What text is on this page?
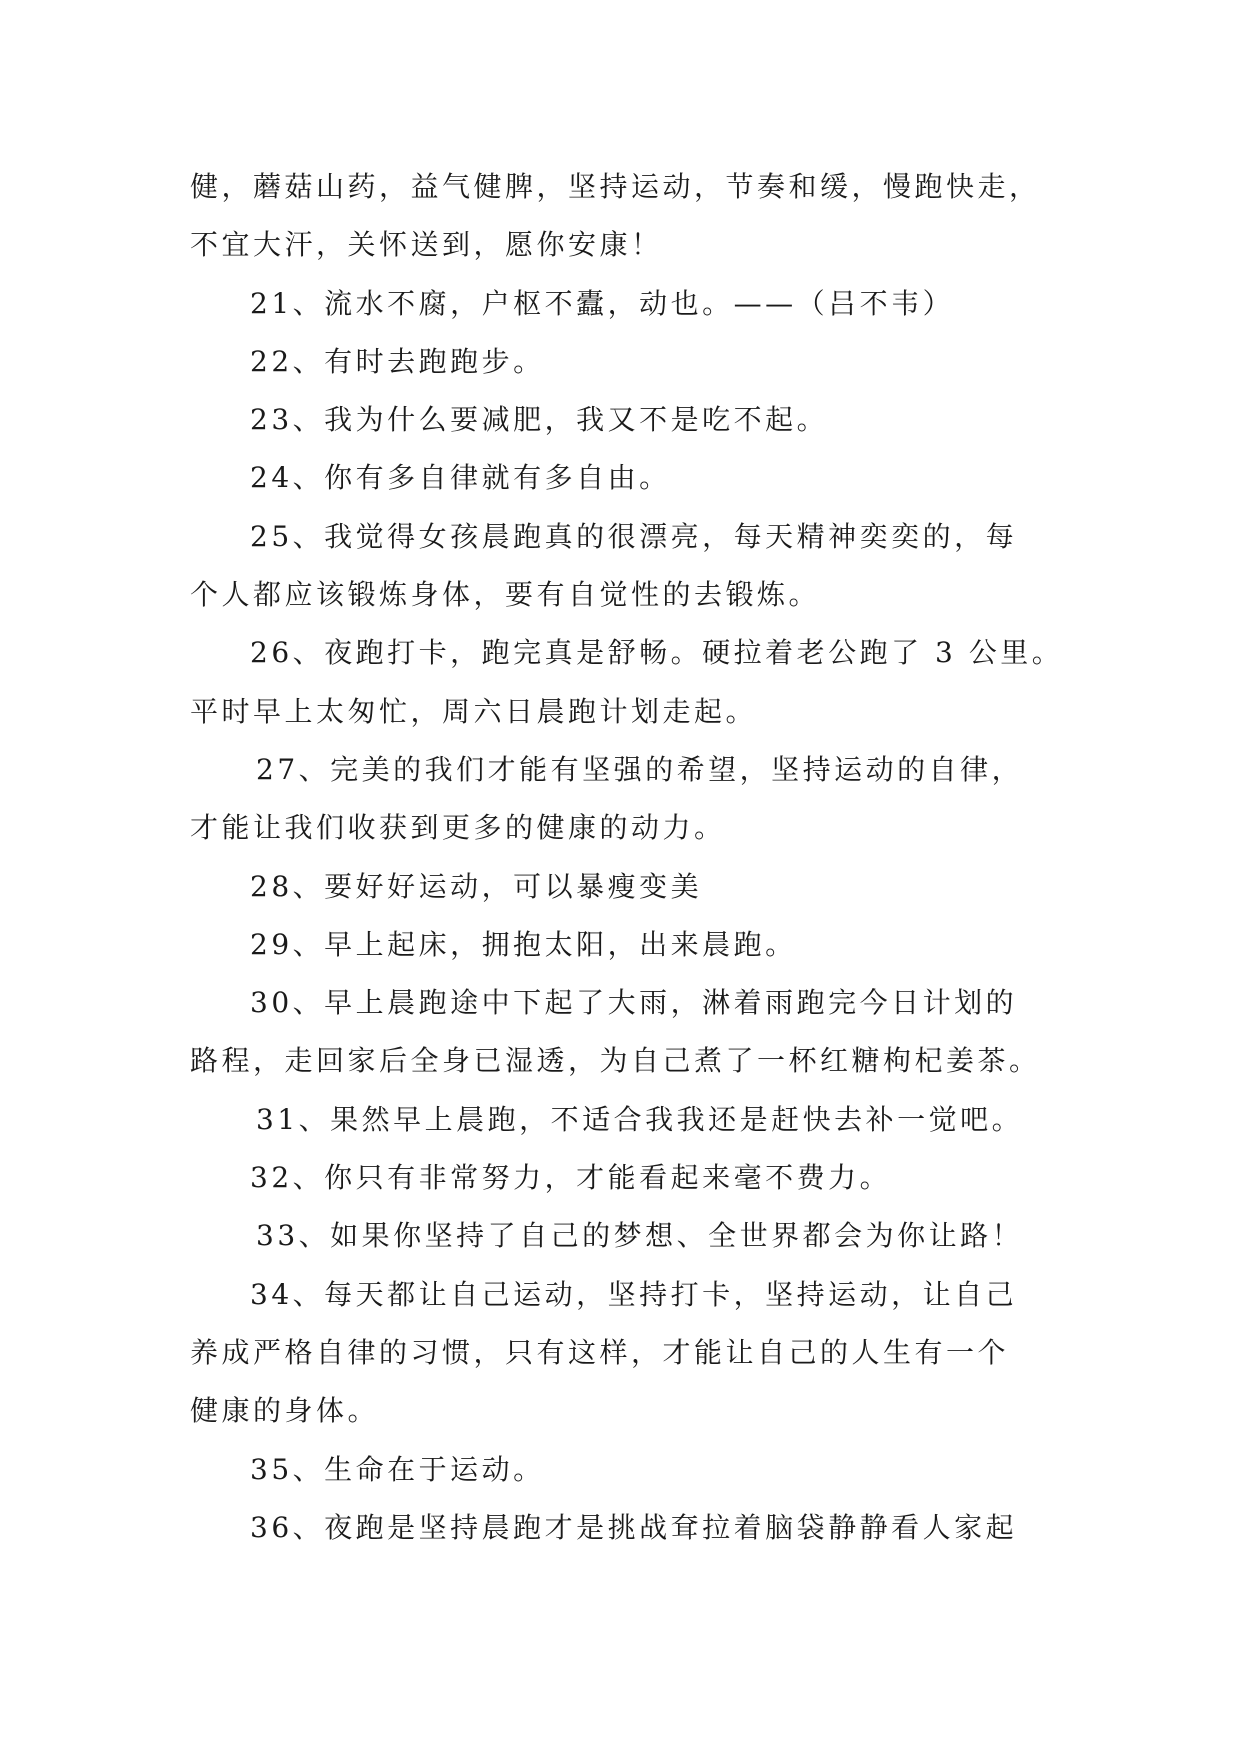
健，蘑菇山药，益气健脾，坚持运动，节奏和缓，慢跑快走，
不宜大汗，关怀送到，愿你安康！
21、流水不腐，户枢不蠹，动也。——（吕不韦）
22、有时去跑跑步。
23、我为什么要减肥，我又不是吃不起。
24、你有多自律就有多自由。
25、我觉得女孩晨跑真的很漂亮，每天精神奕奕的，每
个人都应该锻炼身体，要有自觉性的去锻炼。
26、夜跑打卡，跑完真是舒畅。硬拉着老公跑了 3 公里。
平时早上太匆忙，周六日晨跑计划走起。
27、完美的我们才能有坚强的希望，坚持运动的自律，
才能让我们收获到更多的健康的动力。
28、要好好运动，可以暴瘦变美
29、早上起床，拥抱太阳，出来晨跑。
30、早上晨跑途中下起了大雨，淋着雨跑完今日计划的
路程，走回家后全身已湿透，为自己煮了一杯红糖枸杞姜茶。
31、果然早上晨跑，不适合我我还是赶快去补一觉吧。
32、你只有非常努力，才能看起来毫不费力。
33、如果你坚持了自己的梦想、全世界都会为你让路！
34、每天都让自己运动，坚持打卡，坚持运动，让自己
养成严格自律的习惯，只有这样，才能让自己的人生有一个
健康的身体。
35、生命在于运动。
36、夜跑是坚持晨跑才是挑战耷拉着脑袋静静看人家起
